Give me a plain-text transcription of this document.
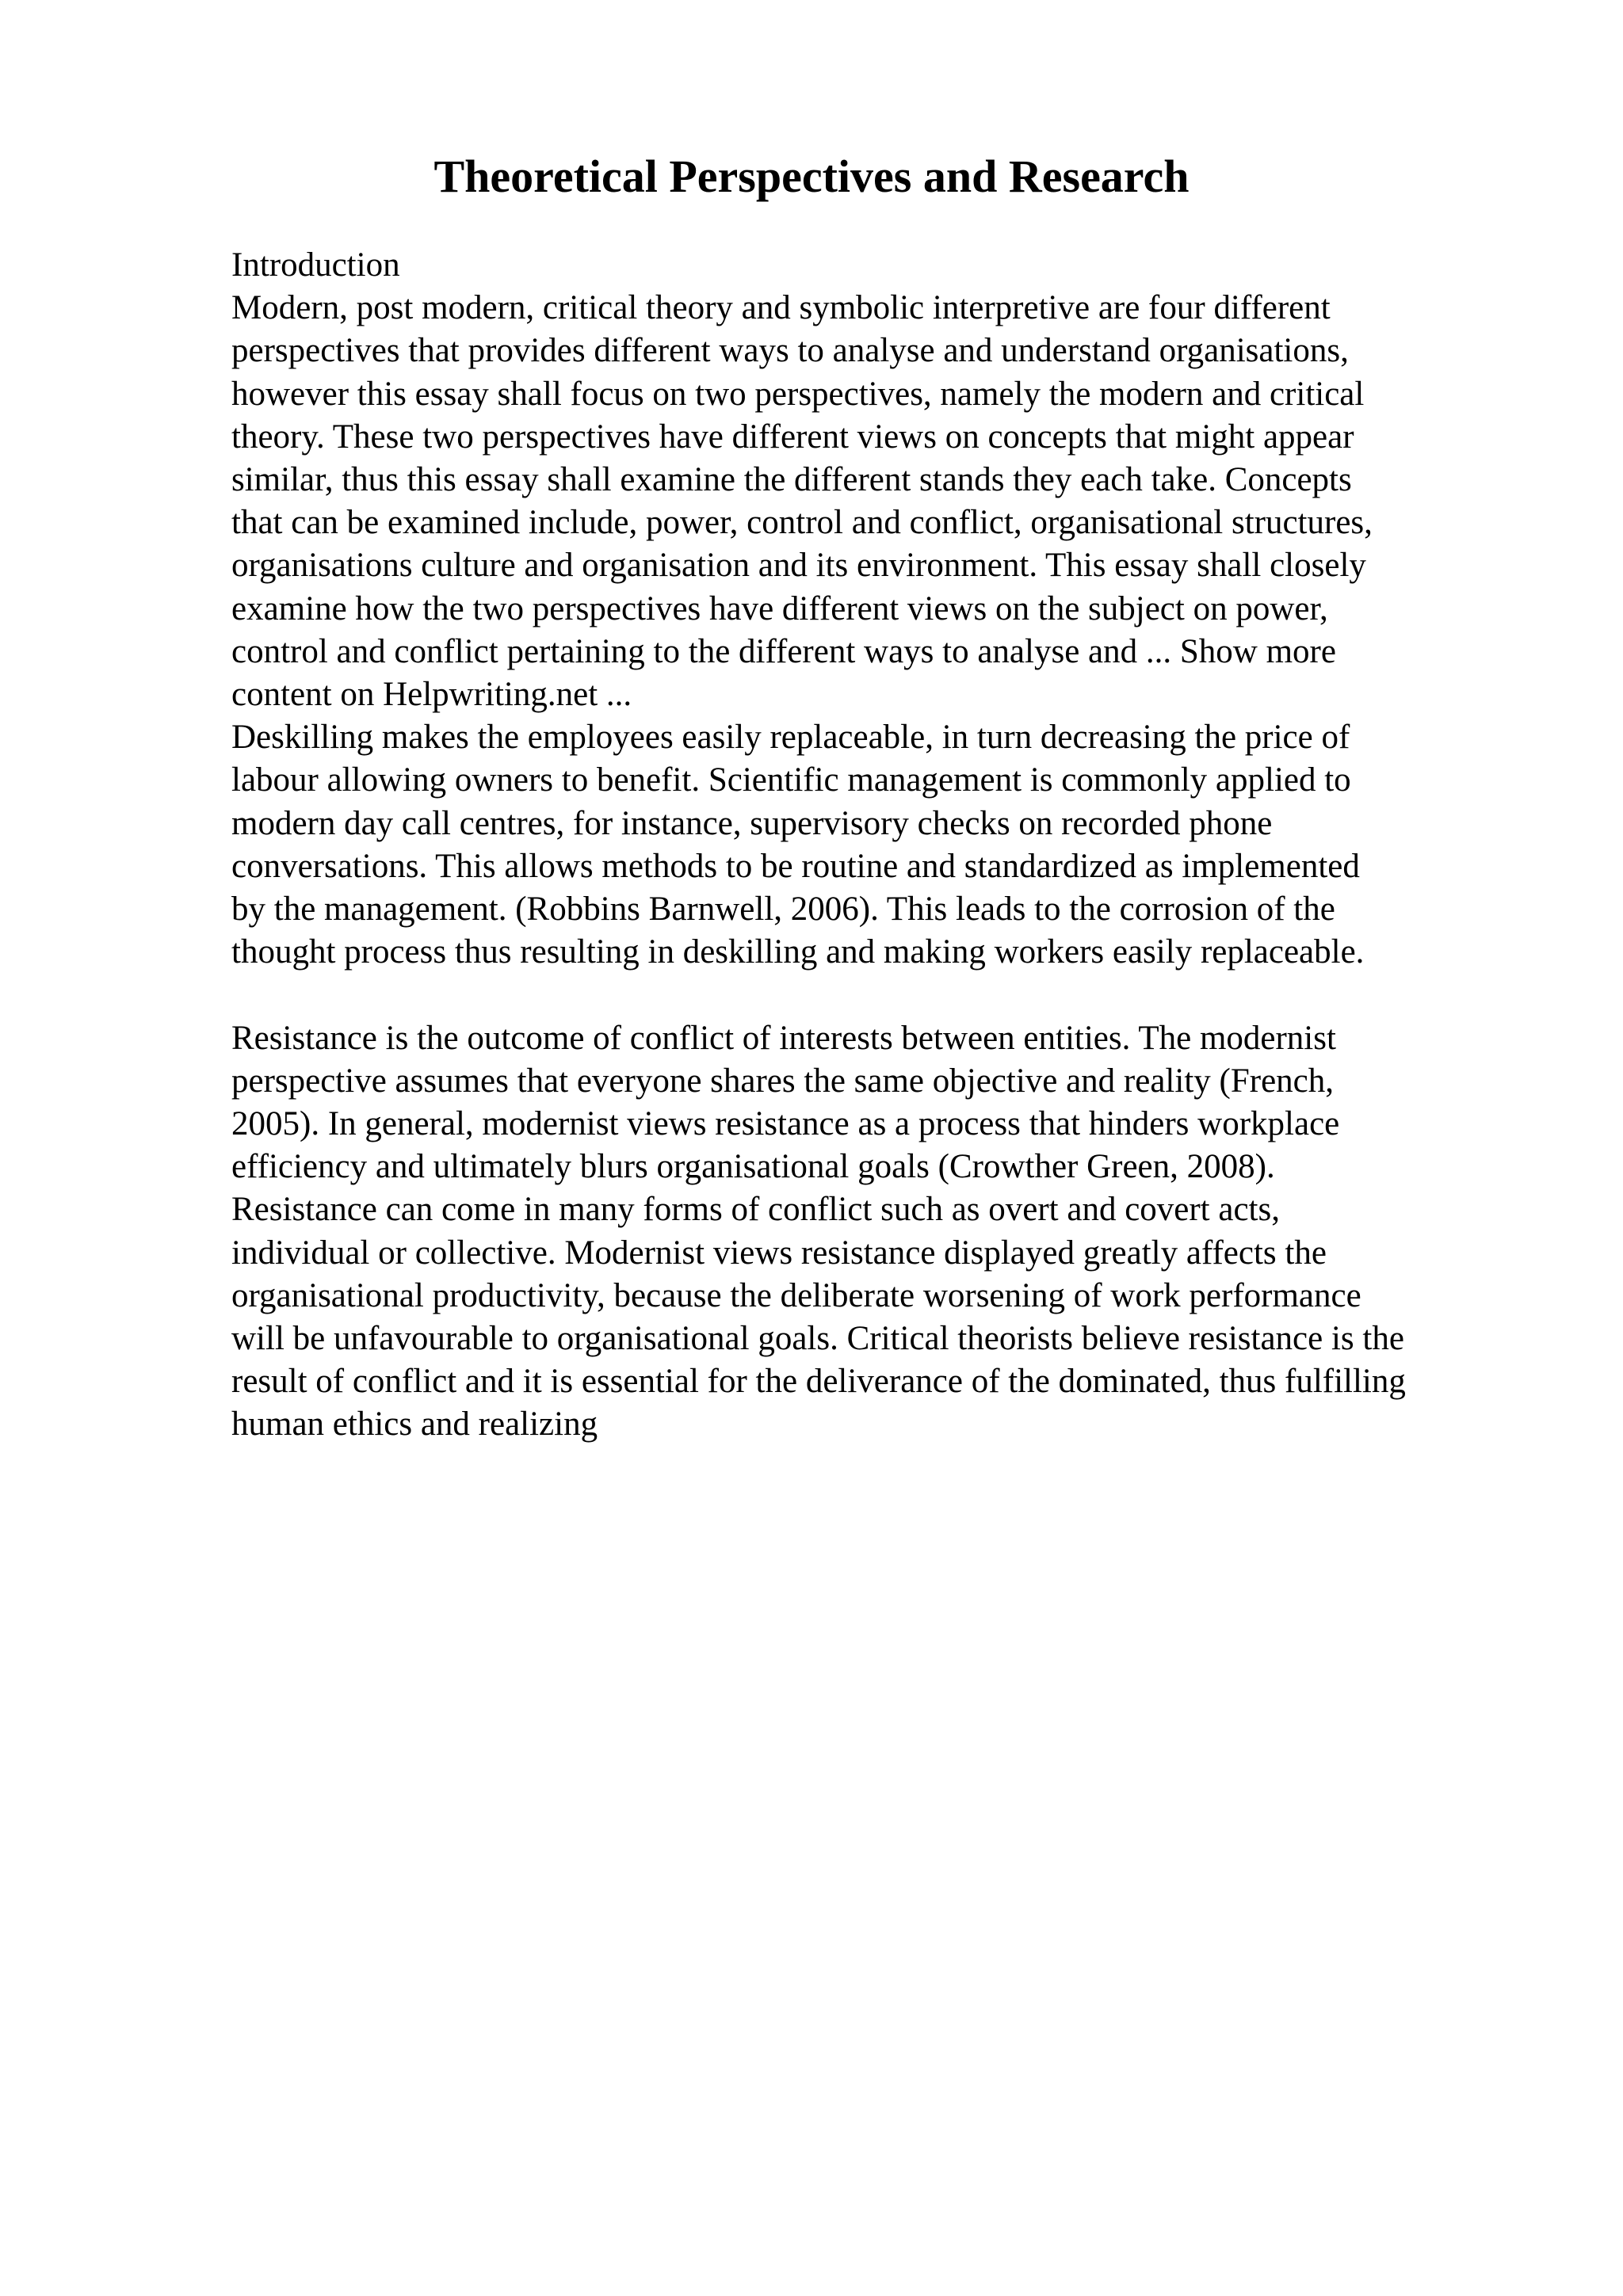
Theoretical Perspectives and Research
Introduction
Modern, post modern, critical theory and symbolic interpretive are four different
perspectives that provides different ways to analyse and understand organisations,
however this essay shall focus on two perspectives, namely the modern and critical
theory. These two perspectives have different views on concepts that might appear
similar, thus this essay shall examine the different stands they each take. Concepts
that can be examined include, power, control and conflict, organisational structures,
organisations culture and organisation and its environment. This essay shall closely
examine how the two perspectives have different views on the subject on power,
control and conflict pertaining to the different ways to analyse and ... Show more
content on Helpwriting.net ...
Deskilling makes the employees easily replaceable, in turn decreasing the price of
labour allowing owners to benefit. Scientific management is commonly applied to
modern day call centres, for instance, supervisory checks on recorded phone
conversations. This allows methods to be routine and standardized as implemented
by the management. (Robbins Barnwell, 2006). This leads to the corrosion of the
thought process thus resulting in deskilling and making workers easily replaceable.
Resistance is the outcome of conflict of interests between entities. The modernist
perspective assumes that everyone shares the same objective and reality (French,
2005). In general, modernist views resistance as a process that hinders workplace
efficiency and ultimately blurs organisational goals (Crowther Green, 2008).
Resistance can come in many forms of conflict such as overt and covert acts,
individual or collective. Modernist views resistance displayed greatly affects the
organisational productivity, because the deliberate worsening of work performance
will be unfavourable to organisational goals. Critical theorists believe resistance is the
result of conflict and it is essential for the deliverance of the dominated, thus fulfilling
human ethics and realizing
